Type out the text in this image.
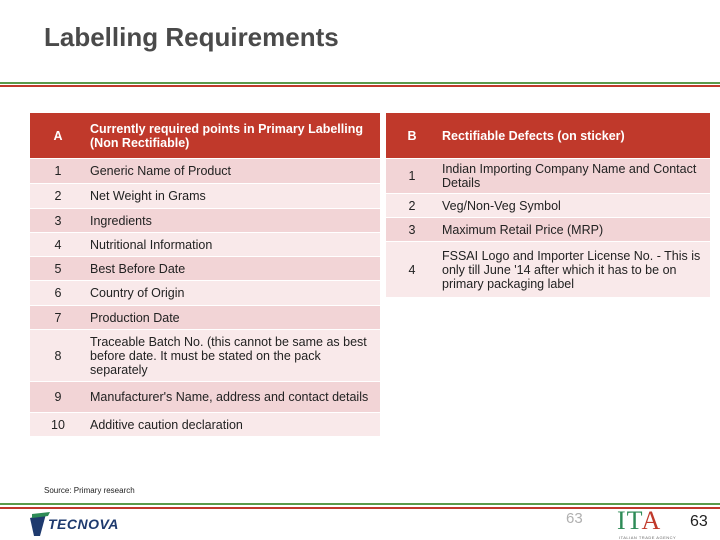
Labelling Requirements
A	Currently required points in Primary Labelling (Non Rectifiable)
1	Generic Name of Product
2	Net Weight in Grams
3	Ingredients
4	Nutritional Information
5	Best Before Date
6	Country of Origin
7	Production Date
8	Traceable Batch No. (this cannot be same as best before date. It must be stated on the pack separately
9	Manufacturer's Name, address and contact details
10	Additive caution declaration
B	Rectifiable Defects (on sticker)
1	Indian Importing Company Name and Contact Details
2	Veg/Non-Veg Symbol
3	Maximum Retail Price (MRP)
4	FSSAI Logo and Importer License No. - This is only till June '14 after which it has to be on primary packaging label
Source: Primary research
TECNOVA	63 ITA
ITALIAN TRADE AGENCY
63
